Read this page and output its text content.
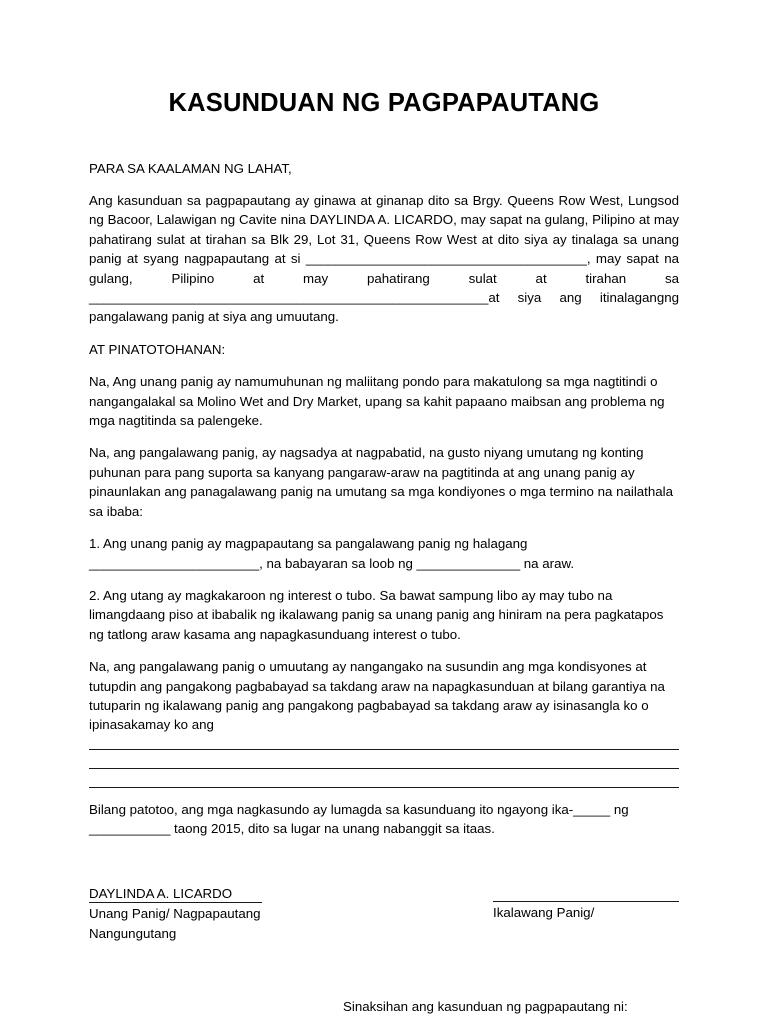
KASUNDUAN NG PAGPAPAUTANG

PARA SA KAALAMAN NG LAHAT,

Ang kasunduan sa pagpapautang ay ginawa at ginanap dito sa Brgy. Queens Row West, Lungsod ng Bacoor, Lalawigan ng Cavite nina DAYLINDA A. LICARDO, may sapat na gulang, Pilipino at may pahatirang sulat at tirahan sa Blk 29, Lot 31, Queens Row West at dito siya ay tinalaga sa unang panig at syang nagpapautang at si ______________________________________, may sapat na gulang, Pilipino at may pahatirang sulat at tirahan sa ______________________________________________________at siya ang itinalagangng pangalawang panig at siya ang umuutang.

AT PINATOTOHANAN:

Na, Ang unang panig ay namumuhunan ng maliitang pondo para makatulong sa mga nagtitindi o nangangalakal sa Molino Wet and Dry Market, upang sa kahit papaano maibsan ang problema ng mga nagtitinda sa palengeke.

Na, ang pangalawang panig, ay nagsadya at nagpabatid, na gusto niyang umutang ng konting puhunan para pang suporta sa kanyang pangaraw-araw na pagtitinda at ang unang panig ay pinaunlakan ang panagalawang panig na umutang sa mga kondiyones o mga termino na nailathala sa ibaba:

1. Ang unang panig ay magpapautang sa pangalawang panig ng halagang _______________________, na babayaran sa loob ng ______________ na araw.

2. Ang utang ay magkakaroon ng interest o tubo. Sa bawat sampung libo ay may tubo na limangdaang piso at ibabalik ng ikalawang panig sa unang panig ang hiniram na pera pagkatapos ng tatlong araw kasama ang napagkasunduang interest o tubo.

Na, ang pangalawang panig o umuutang ay nangangako na susundin ang mga kondisyones at tutupdin ang pangakong pagbabayad sa takdang araw na napagkasunduan at bilang garantiya na tutuparin ng ikalawang panig ang pangakong pagbabayad sa takdang araw ay isinasangla ko o ipinasakamay ko ang

Bilang patotoo, ang mga nagkasundo ay lumagda sa kasunduang ito ngayong ika-_____ ng ___________ taong 2015, dito sa lugar na unang nabanggit sa itaas.

DAYLINDA A. LICARDO
Unang Panig/ Nagpapautang
Nangungutang
Ikalawang Panig/

Sinaksihan ang kasunduan ng pagpapautang ni:
